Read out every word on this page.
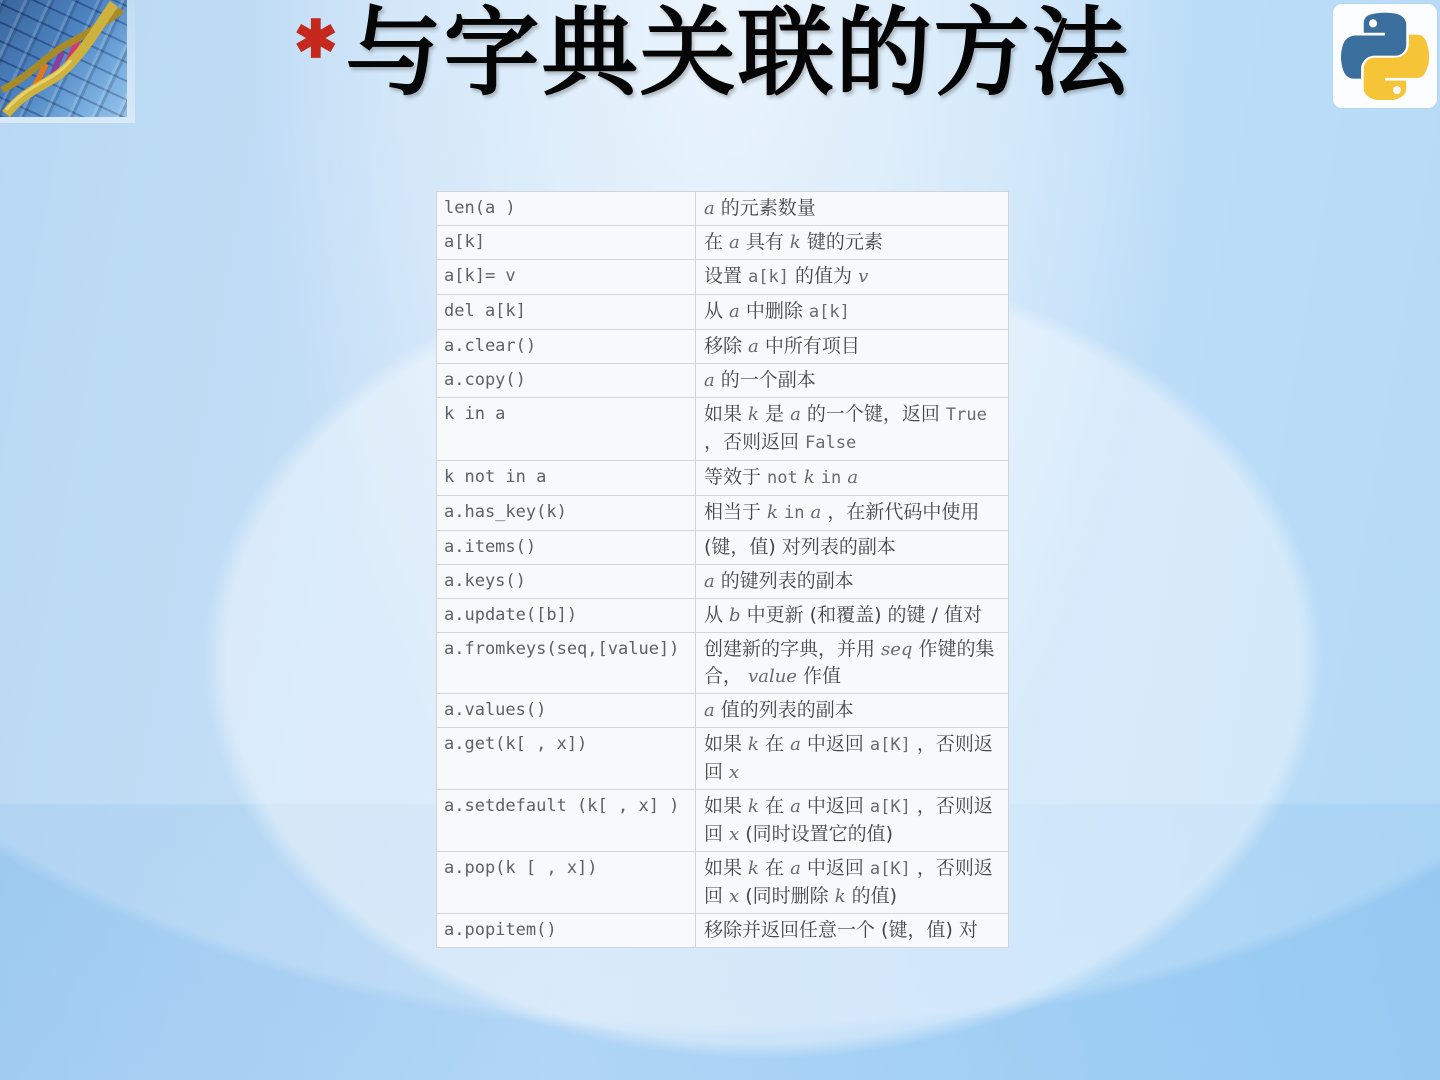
✱ 与字典关联的方法
len(a )	a 的元素数量
a[k]	在 a 具有 k 键的元素
a[k]= v	设置 a[k] 的值为 v
del a[k]	从 a 中删除 a[k]
a.clear()	移除 a 中所有项目
a.copy()	a 的一个副本
k in a	如果 k 是 a 的一个键，返回 True ，否则返回 False
k not in a	等效于 not k in a
a.has_key(k)	相当于 k in a ，在新代码中使用
a.items()	(键，值) 对列表的副本
a.keys()	a 的键列表的副本
a.update([b])	从 b 中更新 (和覆盖) 的键 / 值对
a.fromkeys(seq,[value])	创建新的字典，并用 seq 作键的集合， value 作值
a.values()	a 值的列表的副本
a.get(k[ , x])	如果 k 在 a 中返回 a[K] ，否则返回 x
a.setdefault (k[ , x] )	如果 k 在 a 中返回 a[K] ，否则返回 x (同时设置它的值)
a.pop(k [ , x])	如果 k 在 a 中返回 a[K] ，否则返回 x (同时删除 k 的值)
a.popitem()	移除并返回任意一个 (键，值) 对
